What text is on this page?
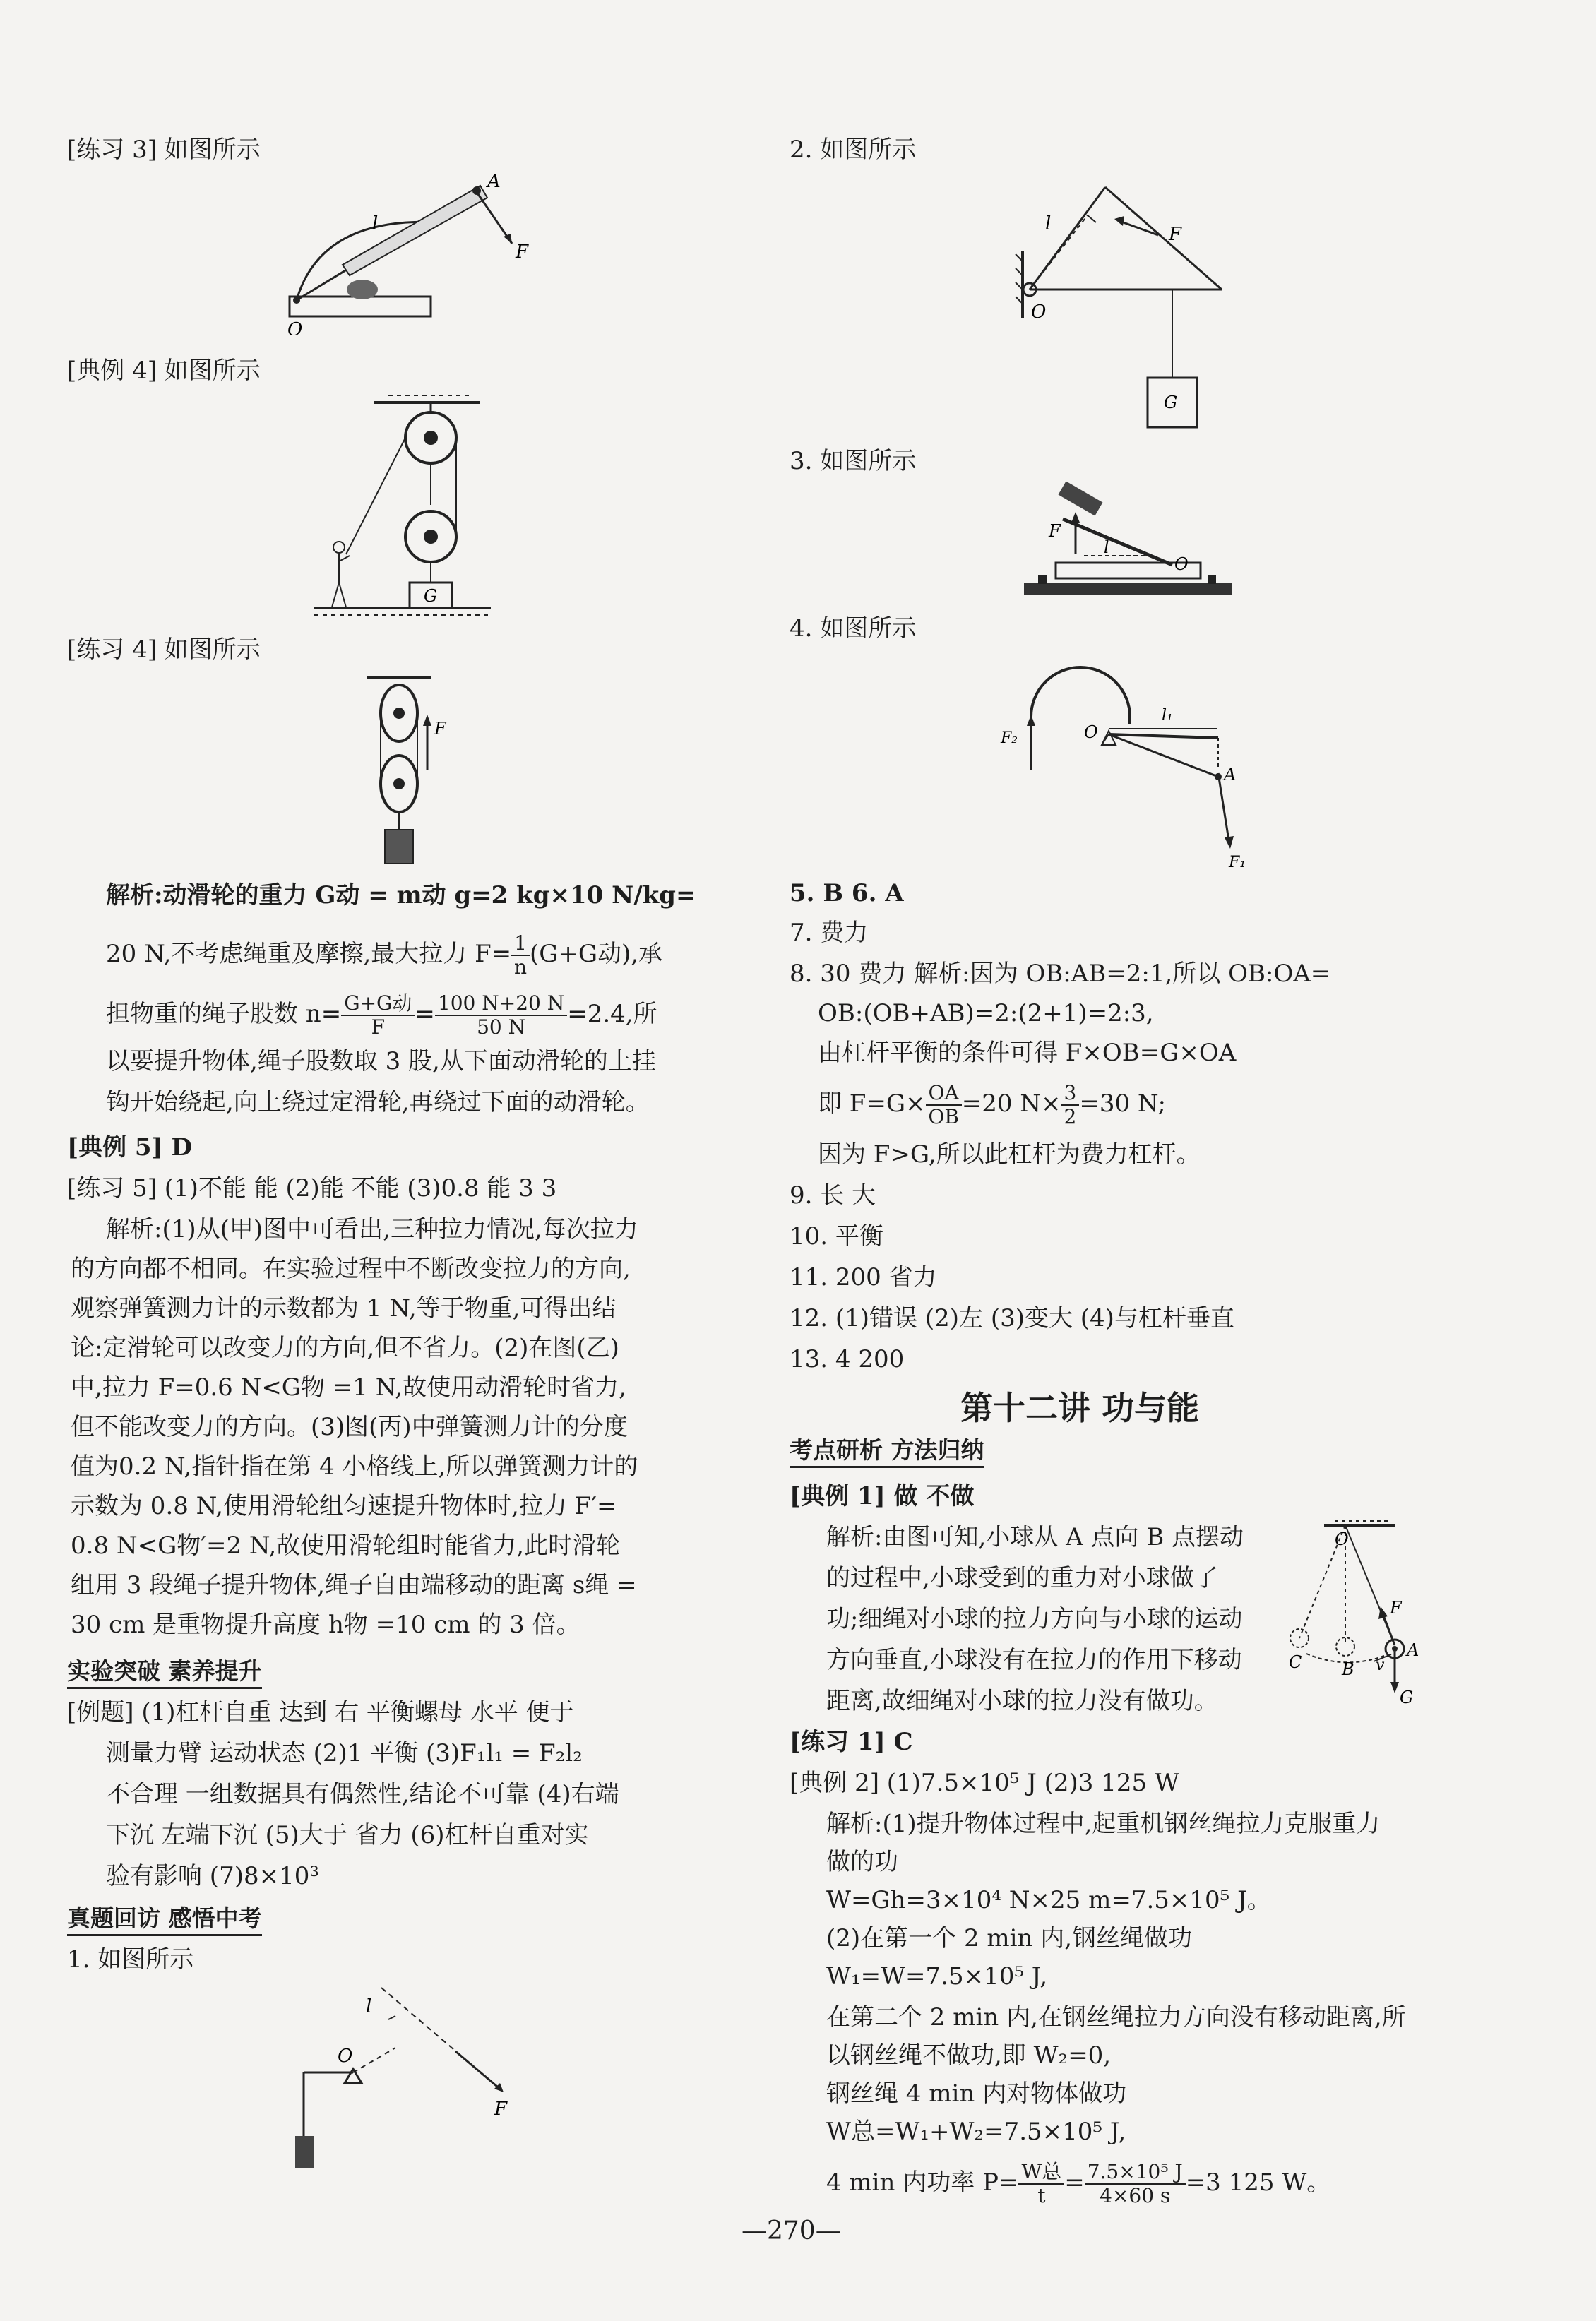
[练习 3] 如图所示
A
F
l
O
[典例 4] 如图所示
G
[练习 4] 如图所示
F
解析:动滑轮的重力 G动 = m动 g=2 kg×10 N/kg=
20 N,不考虑绳重及摩擦,最大拉力 $F= \frac{1}{n} (G+G$动),承
担物重的绳子股数 $n= \frac{\text{G+G动}}{F} = \frac{100 N+20 N}{50 N} =2.4$,所
以要提升物体,绳子股数取 3 股,从下面动滑轮的上挂
钩开始绕起,向上绕过定滑轮,再绕过下面的动滑轮。
[典例 5] D
[练习 5] (1)不能 能 (2)能 不能 (3)0.8 能 3 3
解析:(1)从(甲)图中可看出,三种拉力情况,每次拉力
的方向都不相同。在实验过程中不断改变拉力的方向,
观察弹簧测力计的示数都为 1 N,等于物重,可得出结
论:定滑轮可以改变力的方向,但不省力。(2)在图(乙)
中,拉力 F=0.6 N<G物 =1 N,故使用动滑轮时省力,
但不能改变力的方向。(3)图(丙)中弹簧测力计的分度
值为0.2 N,指针指在第 4 小格线上,所以弹簧测力计的
示数为 0.8 N,使用滑轮组匀速提升物体时,拉力 F′=
0.8 N<G物′=2 N,故使用滑轮组时能省力,此时滑轮
组用 3 段绳子提升物体,绳子自由端移动的距离 s绳 =
30 cm 是重物提升高度 h物 =10 cm 的 3 倍。
实验突破 素养提升
[例题] (1)杠杆自重 达到 右 平衡螺母 水平 便于
测量力臂 运动状态 (2)1 平衡 (3)F₁l₁ = F₂l₂
不合理 一组数据具有偶然性,结论不可靠 (4)右端
下沉 左端下沉 (5)大于 省力 (6)杠杆自重对实
验有影响 (7)8×10³
真题回访 感悟中考
1. 如图所示
l
O
F
2. 如图所示
l
O
F
G
3. 如图所示
F
l
O
4. 如图所示
O
l₁
A
F₂
F₁
5. B 6. A
7. 费力
8. 30 费力 解析:因为 OB:AB=2:1,所以 OB:OA=
OB:(OB+AB)=2:(2+1)=2:3,
由杠杆平衡的条件可得 F×OB=G×OA
即 $F=G\times \frac{OA}{OB} =20$ $N\times \frac{3}{2} =30$ N;
因为 F>G,所以此杠杆为费力杠杆。
9. 长 大
10. 平衡
11. 200 省力
12. (1)错误 (2)左 (3)变大 (4)与杠杆垂直
13. 4 200
第十二讲 功与能
考点研析 方法归纳
[典例 1] 做 不做
解析:由图可知,小球从 A 点向 B 点摆动
的过程中,小球受到的重力对小球做了
功;细绳对小球的拉力方向与小球的运动
方向垂直,小球没有在拉力的作用下移动
距离,故细绳对小球的拉力没有做功。
O
F
A
C B v
G
[练习 1] C
[典例 2] (1)7.5×10⁵ J (2)3 125 W
解析:(1)提升物体过程中,起重机钢丝绳拉力克服重力
做的功
W=Gh=3×10⁴ N×25 m=7.5×10⁵ J。
(2)在第一个 2 min 内,钢丝绳做功
W₁=W=7.5×10⁵ J,
在第二个 2 min 内,在钢丝绳拉力方向没有移动距离,所
以钢丝绳不做功,即 W₂=0,
钢丝绳 4 min 内对物体做功
W总=W₁+W₂=7.5×10⁵ J,
4 min 内功率 $P= \frac{\text{W总}}{t} = \frac{\text{7.5×10⁵ J}}{4\times 60 s} =3$ 125 W。
—270—
